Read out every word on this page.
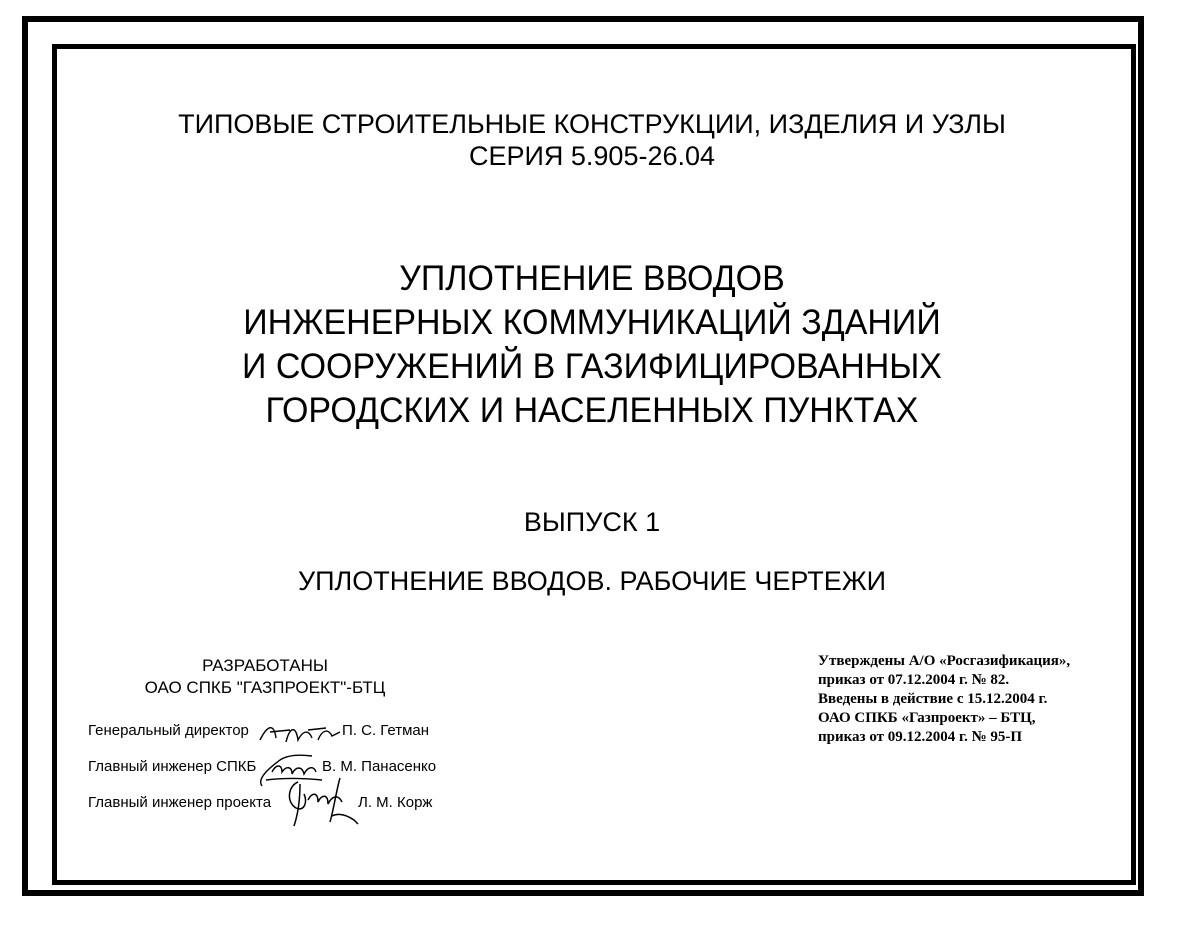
ТИПОВЫЕ СТРОИТЕЛЬНЫЕ КОНСТРУКЦИИ, ИЗДЕЛИЯ И УЗЛЫ
СЕРИЯ 5.905-26.04
УПЛОТНЕНИЕ ВВОДОВ
ИНЖЕНЕРНЫХ КОММУНИКАЦИЙ ЗДАНИЙ
И СООРУЖЕНИЙ В ГАЗИФИЦИРОВАННЫХ
ГОРОДСКИХ И НАСЕЛЕННЫХ ПУНКТАХ
ВЫПУСК 1
УПЛОТНЕНИЕ ВВОДОВ. РАБОЧИЕ ЧЕРТЕЖИ
РАЗРАБОТАНЫ
ОАО СПКБ "ГАЗПРОЕКТ"-БТЦ
Генеральный директор	П. С. Гетман
Главный инженер СПКБ	В. М. Панасенко
Главный инженер проекта	Л. М. Корж
Утверждены А/О «Росгазификация»,
приказ от 07.12.2004 г. № 82.
Введены в действие с 15.12.2004 г.
ОАО СПКБ «Газпроект» – БТЦ,
приказ от 09.12.2004 г. № 95-П
